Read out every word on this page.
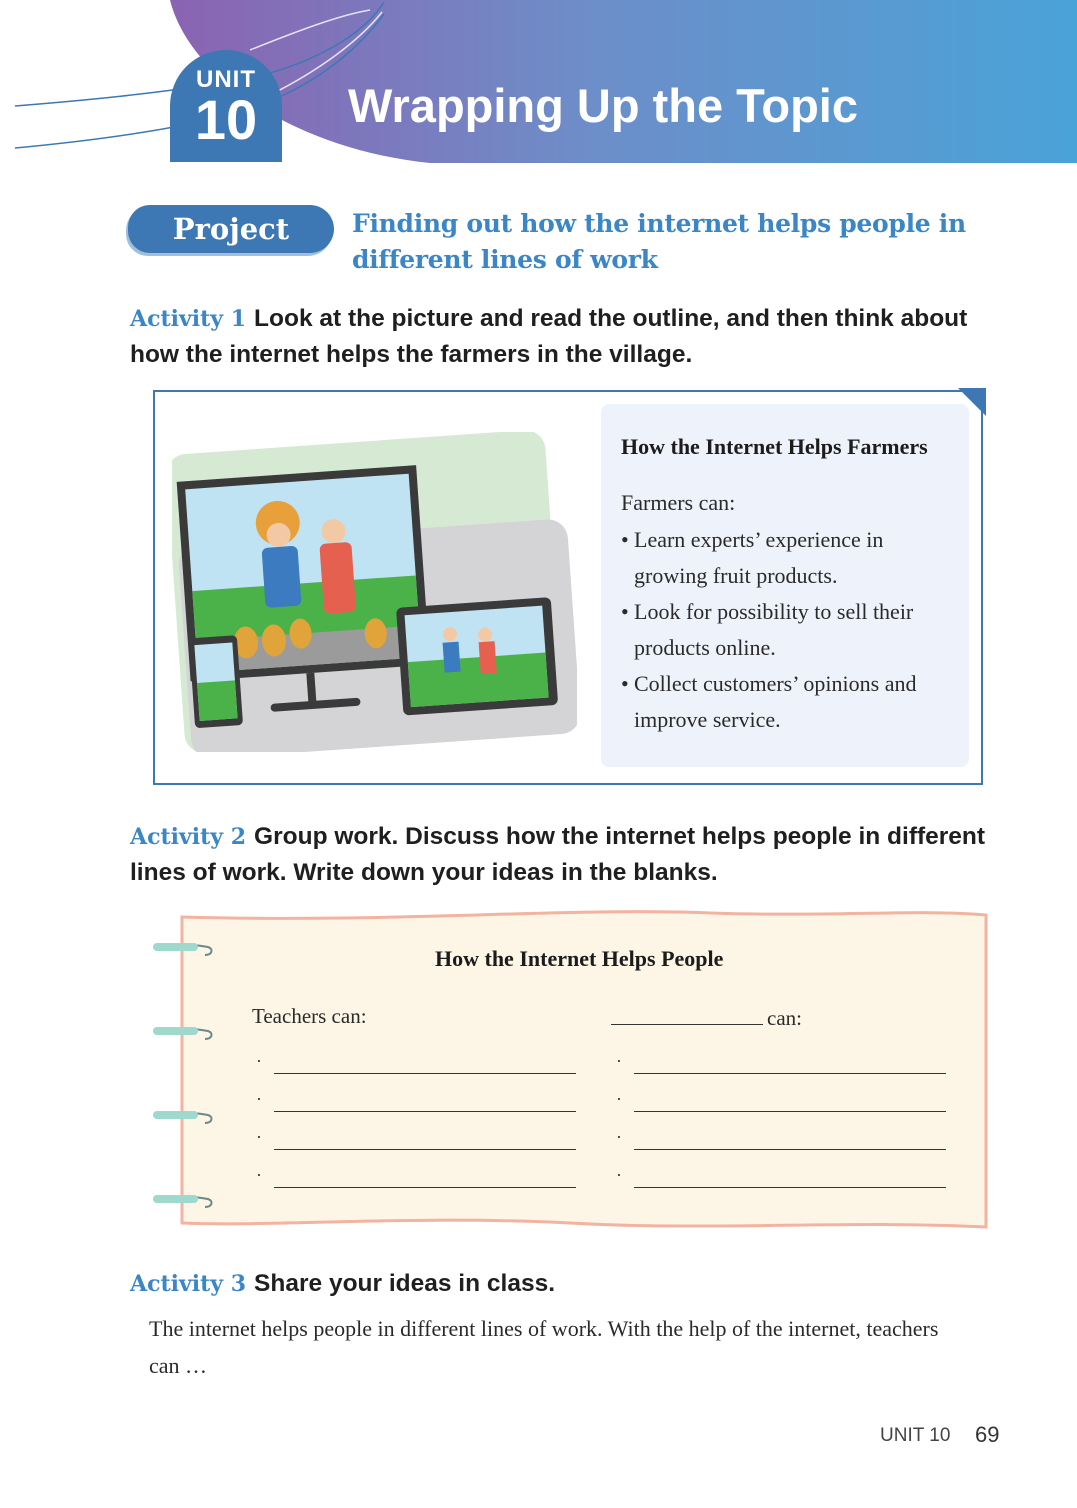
UNIT
10	Wrapping Up the Topic
Project	Finding out how the internet helps people in different lines of work
Activity 1 Look at the picture and read the outline, and then think about how the internet helps the farmers in the village.
How the Internet Helps Farmers
Farmers can:

• Learn experts’ experience in growing fruit products.

• Look for possibility to sell their products online.

• Collect customers’ opinions and improve service.

Activity 2 Group work. Discuss how the internet helps people in different lines of work. Write down your ideas in the blanks.
How the Internet Helps People
Teachers can:	can:
·
·
·
·
·
·
·
·
Activity 3 Share your ideas in class.
The internet helps people in different lines of work. With the help of the internet, teachers can …
UNIT 10 69
